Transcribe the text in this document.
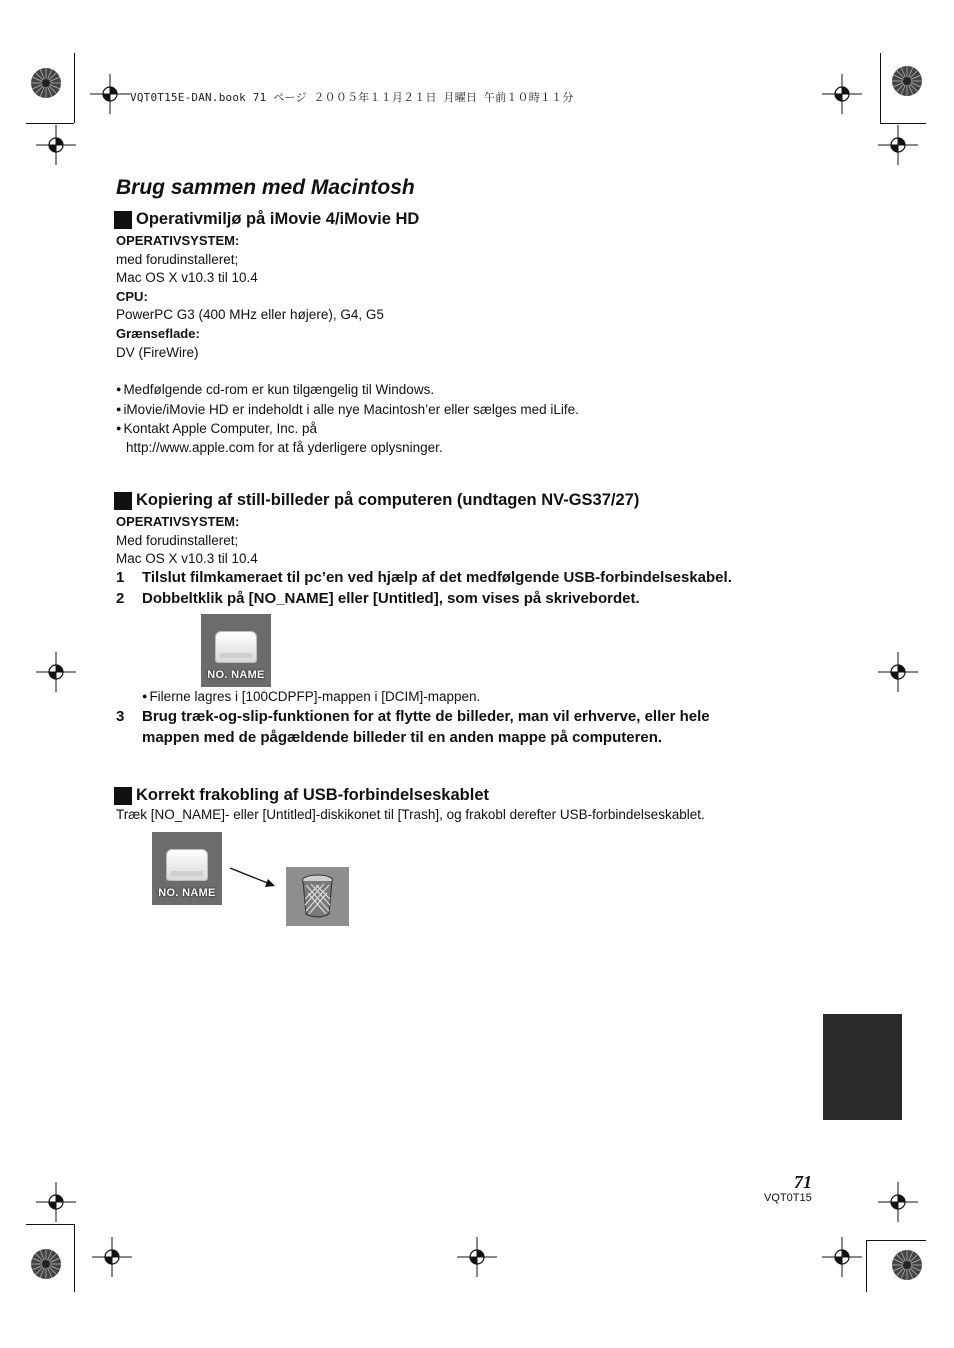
VQT0T15E-DAN.book 71 ページ ２００５年１１月２１日 月曜日 午前１０時１１分
Brug sammen med Macintosh
Operativmiljø på iMovie 4/iMovie HD
OPERATIVSYSTEM:
med forudinstalleret;
Mac OS X v10.3 til 10.4
CPU:
PowerPC G3 (400 MHz eller højere), G4, G5
Grænseflade:
DV (FireWire)
● Medfølgende cd-rom er kun tilgængelig til Windows.
● iMovie/iMovie HD er indeholdt i alle nye Macintosh’er eller sælges med iLife.
● Kontakt Apple Computer, Inc. på
http://www.apple.com for at få yderligere oplysninger.
Kopiering af still-billeder på computeren (undtagen NV-GS37/27)
OPERATIVSYSTEM:
Med forudinstalleret;
Mac OS X v10.3 til 10.4
1	Tilslut filmkameraet til pc’en ved hjælp af det medfølgende USB-forbindelseskabel.
2	Dobbeltklik på [NO_NAME] eller [Untitled], som vises på skrivebordet.
NO. NAME
● Filerne lagres i [100CDPFP]-mappen i [DCIM]-mappen.
3	Brug træk-og-slip-funktionen for at flytte de billeder, man vil erhverve, eller hele
mappen med de pågældende billeder til en anden mappe på computeren.
Korrekt frakobling af USB-forbindelseskablet
Træk [NO_NAME]- eller [Untitled]-diskikonet til [Trash], og frakobl derefter USB-forbindelseskablet.
NO. NAME
71
VQT0T15
